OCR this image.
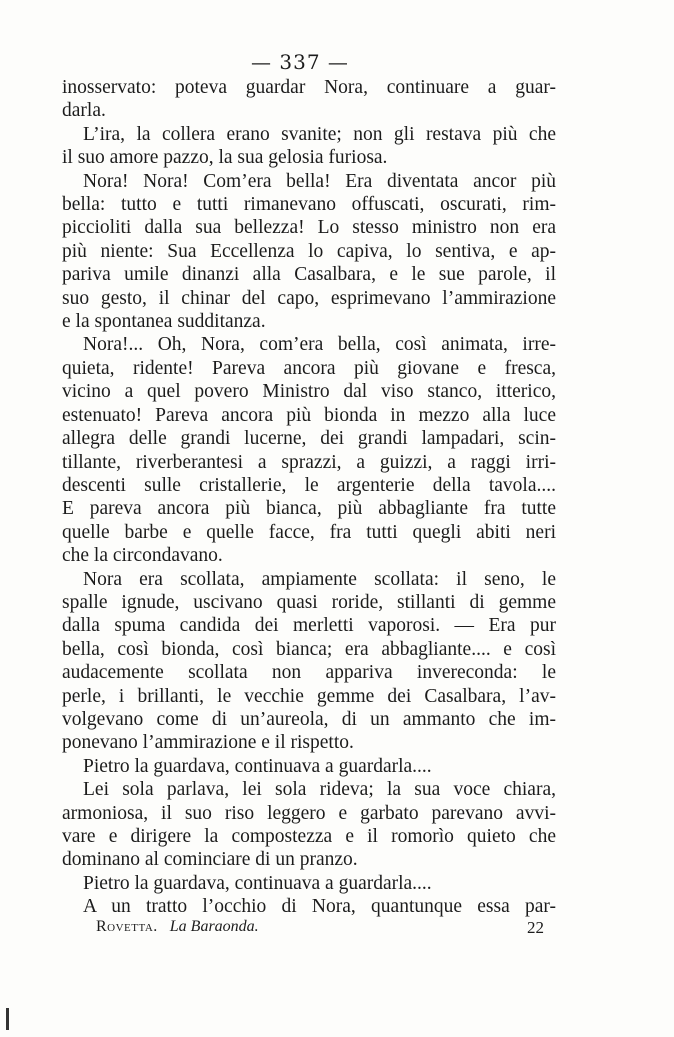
— 337 —
inosservato: poteva guardar Nora, continuare a guar-
darla.
L’ira, la collera erano svanite; non gli restava più che
il suo amore pazzo, la sua gelosia furiosa.
Nora! Nora! Com’era bella! Era diventata ancor più
bella: tutto e tutti rimanevano offuscati, oscurati, rim-
piccioliti dalla sua bellezza! Lo stesso ministro non era
più niente: Sua Eccellenza lo capiva, lo sentiva, e ap-
pariva umile dinanzi alla Casalbara, e le sue parole, il
suo gesto, il chinar del capo, esprimevano l’ammirazione
e la spontanea sudditanza.
Nora!... Oh, Nora, com’era bella, così animata, irre-
quieta, ridente! Pareva ancora più giovane e fresca,
vicino a quel povero Ministro dal viso stanco, itterico,
estenuato! Pareva ancora più bionda in mezzo alla luce
allegra delle grandi lucerne, dei grandi lampadari, scin-
tillante, riverberantesi a sprazzi, a guizzi, a raggi irri-
descenti sulle cristallerie, le argenterie della tavola....
E pareva ancora più bianca, più abbagliante fra tutte
quelle barbe e quelle facce, fra tutti quegli abiti neri
che la circondavano.
Nora era scollata, ampiamente scollata: il seno, le
spalle ignude, uscivano quasi roride, stillanti di gemme
dalla spuma candida dei merletti vaporosi. — Era pur
bella, così bionda, così bianca; era abbagliante.... e così
audacemente scollata non appariva invereconda: le
perle, i brillanti, le vecchie gemme dei Casalbara, l’av-
volgevano come di un’aureola, di un ammanto che im-
ponevano l’ammirazione e il rispetto.
Pietro la guardava, continuava a guardarla....
Lei sola parlava, lei sola rideva; la sua voce chiara,
armoniosa, il suo riso leggero e garbato parevano avvi-
vare e dirigere la compostezza e il romorìo quieto che
dominano al cominciare di un pranzo.
Pietro la guardava, continuava a guardarla....
A un tratto l’occhio di Nora, quantunque essa par-
Rovetta. La Baraonda.	22
